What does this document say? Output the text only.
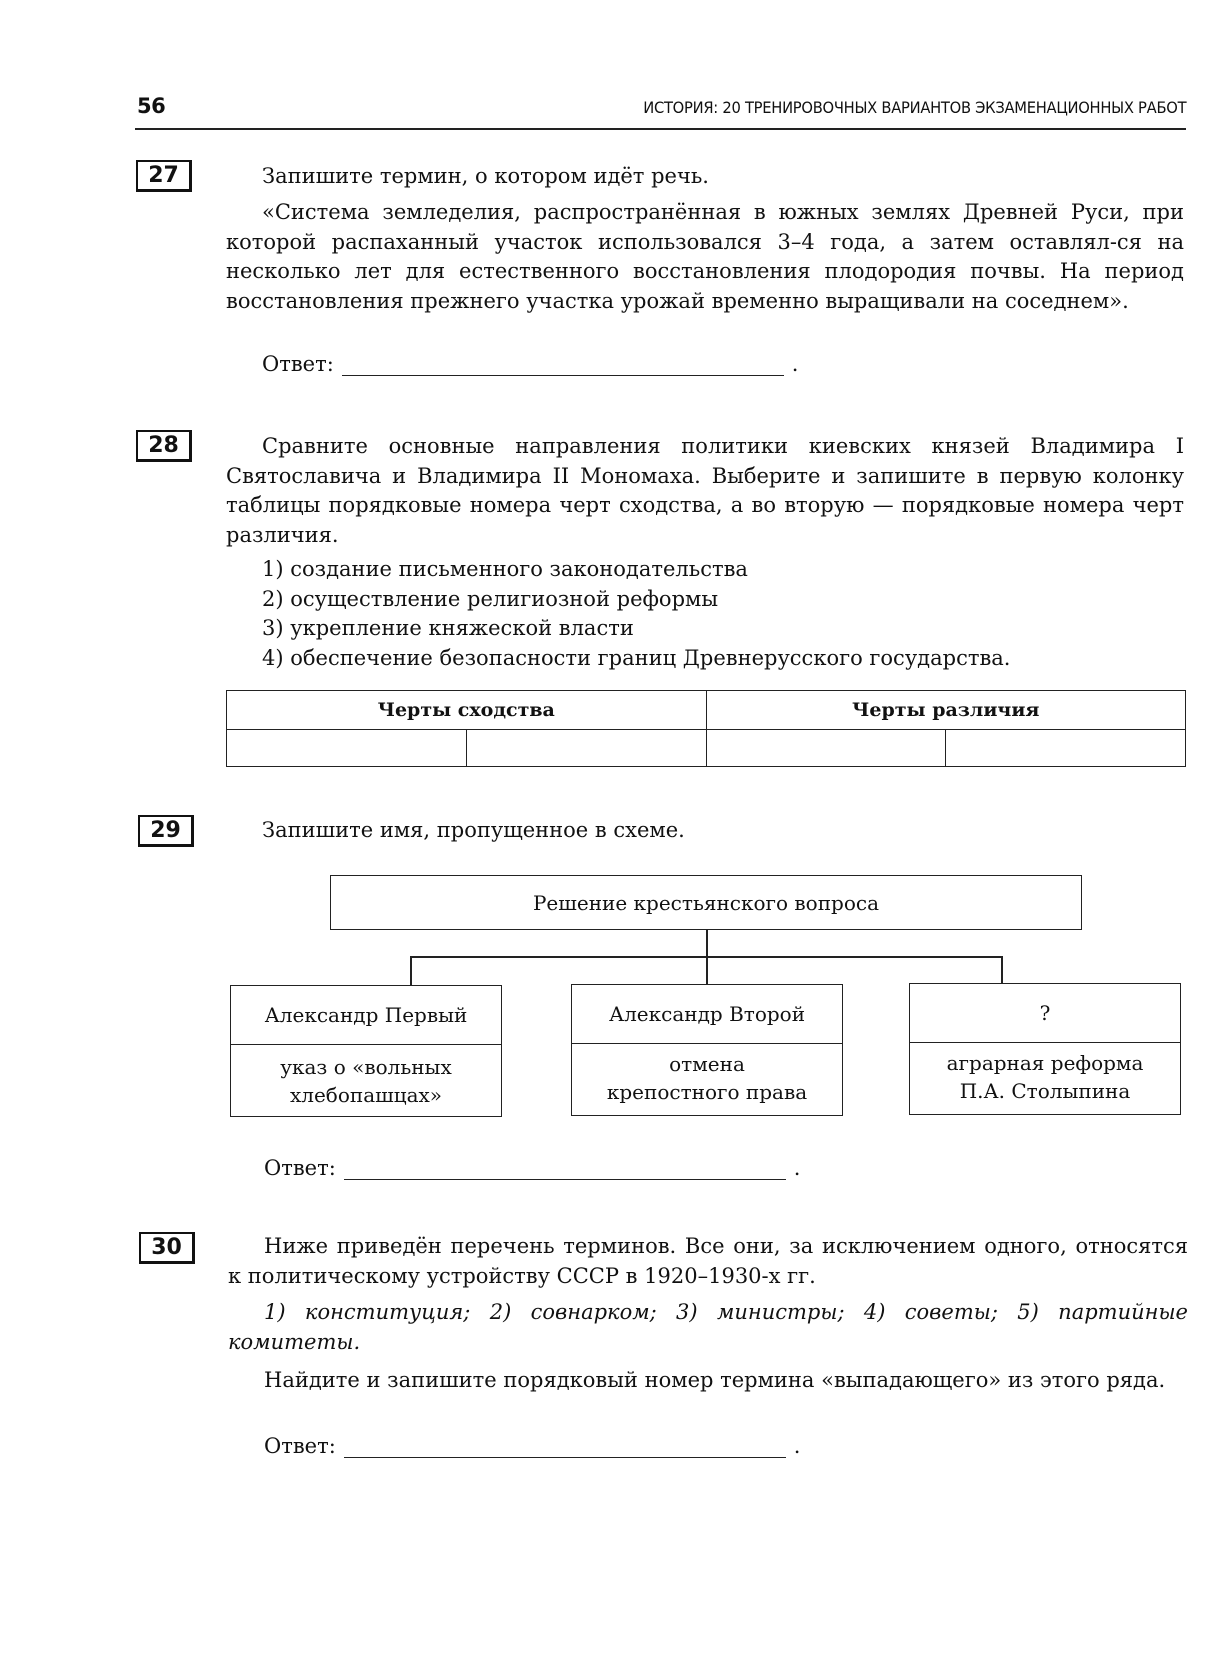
56	ИСТОРИЯ: 20 ТРЕНИРОВОЧНЫХ ВАРИАНТОВ ЭКЗАМЕНАЦИОННЫХ РАБОТ
27	Запишите термин, о котором идёт речь.
«Система земледелия, распространённая в южных землях Древней Руси, при которой распаханный участок использовался 3–4 года, а затем оставлял-ся на несколько лет для естественного восстановления плодородия почвы. На период восстановления прежнего участка урожай временно выращивали на соседнем».
Ответ:	.
28	Сравните основные направления политики киевских князей Владимира I Святославича и Владимира II Мономаха. Выберите и запишите в первую колонку таблицы порядковые номера черт сходства, а во вторую — порядковые номера черт различия.
1) создание письменного законодательства
2) осуществление религиозной реформы
3) укрепление княжеской власти
4) обеспечение безопасности границ Древнерусского государства.
Черты сходства		Черты различия	

29	Запишите имя, пропущенное в схеме.
Решение крестьянского вопроса
Александр Первый
указ о «вольных
хлебопашцах»
Александр Второй
отмена
крепостного права
?
аграрная реформа
П.А. Столыпина
Ответ:	.
30	Ниже приведён перечень терминов. Все они, за исключением одного, относятся к политическому устройству СССР в 1920–1930-х гг.
1) конституция; 2) совнарком; 3) министры; 4) советы; 5) партийные комитеты.
Найдите и запишите порядковый номер термина «выпадающего» из этого ряда.
Ответ:	.
